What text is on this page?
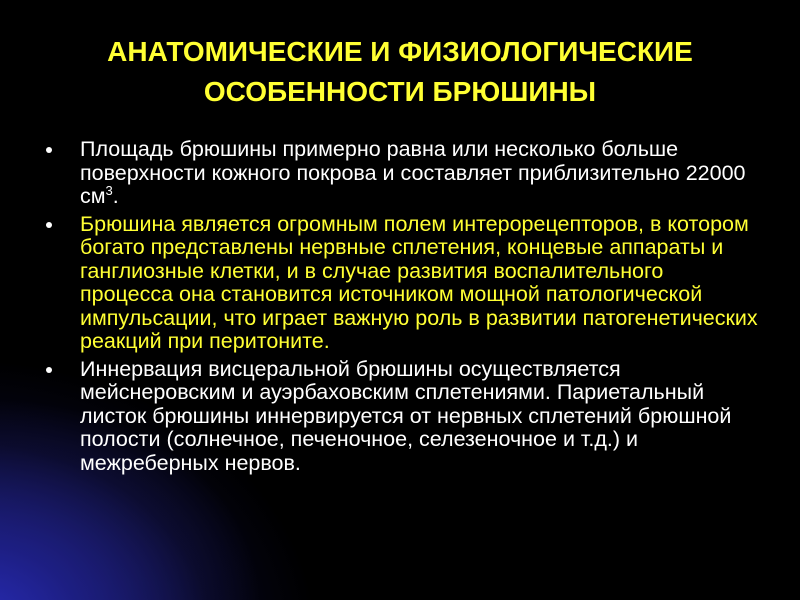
АНАТОМИЧЕСКИЕ И ФИЗИОЛОГИЧЕСКИЕ
ОСОБЕННОСТИ БРЮШИНЫ
Площадь брюшины примерно равна или несколько больше поверхности кожного покрова и составляет приблизительно 22000 $см^3$.
Брюшина является огромным полем интерорецепторов, в котором богато представлены нервные сплетения, концевые аппараты и ганглиозные клетки, и в случае развития воспалительного процесса она становится источником мощной патологической импульсации, что играет важную роль в развитии патогенетических реакций при перитоните.
Иннервация висцеральной брюшины осуществляется мейснеровским и ауэрбаховским сплетениями. Париетальный листок брюшины иннервируется от нервных сплетений брюшной полости (солнечное, печеночное, селезеночное и т.д.) и межреберных нервов.
